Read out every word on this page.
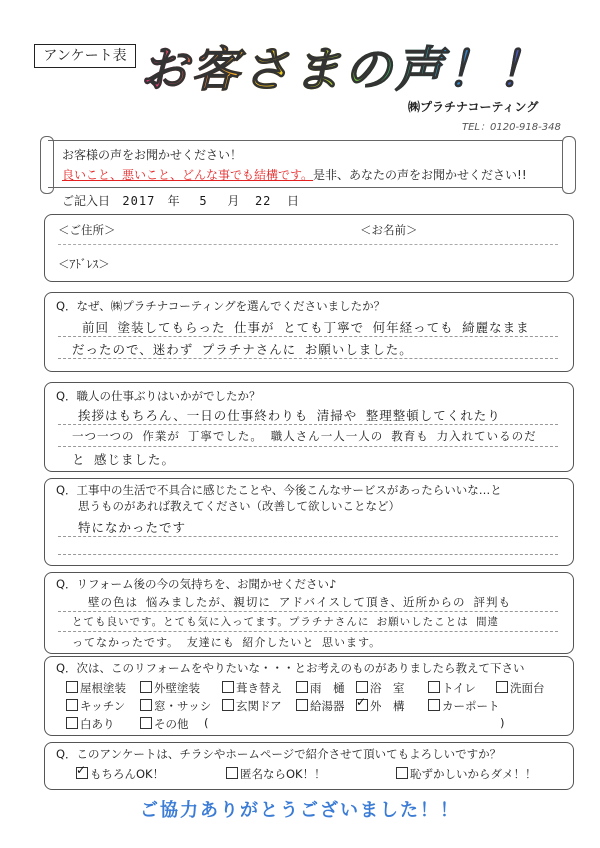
アンケート表 お客さまの声！！
㈱プラチナコーティング
TEL：0120-918-348
お客様の声をお聞かせください！
良いこと、悪いこと、どんな事でも結構です。是非、あなたの声をお聞かせください!!
ご記入日 2017 年 5 月 22 日
＜ご住所＞	＜お名前＞
＜ｱﾄﾞﾚｽ＞
Q．なぜ、㈱プラチナコーティングを選んでくださいましたか？
前回 塗装してもらった 仕事が とても丁寧で 何年経っても 綺麗なまま
だったので、迷わず プラチナさんに お願いしました。
Q．職人の仕事ぶりはいかがでしたか？
挨拶はもちろん、一日の仕事終わりも 清掃や 整理整頓してくれたり
一つ一つの 作業が 丁寧でした。 職人さん一人一人の 教育も 力入れているのだ
と 感じました。
Q．工事中の生活で不具合に感じたことや、今後こんなサービスがあったらいいな…と
思うものがあれば教えてください（改善して欲しいことなど）
特になかったです
Q．リフォーム後の今の気持ちを、お聞かせください♪
壁の色は 悩みましたが、親切に アドバイスして頂き、近所からの 評判も
とても良いです。とても気に入ってます。プラチナさんに お願いしたことは 間違
ってなかったです。 友達にも 紹介したいと 思います。
Q．次は、このリフォームをやりたいな・・・とお考えのものがありましたら教えて下さい
屋根塗装	外壁塗装	葺き替え	雨　樋	浴　室	トイレ	洗面台
キッチン	窓・サッシ	玄関ドア	給湯器
✓	外　構	カーポート
白あり	その他 (	)
Q．このアンケートは、チラシやホームページで紹介させて頂いてもよろしいですか？
✓もちろんOK！	匿名ならOK！！	恥ずかしいからダメ！！
ご協力ありがとうございました！！
